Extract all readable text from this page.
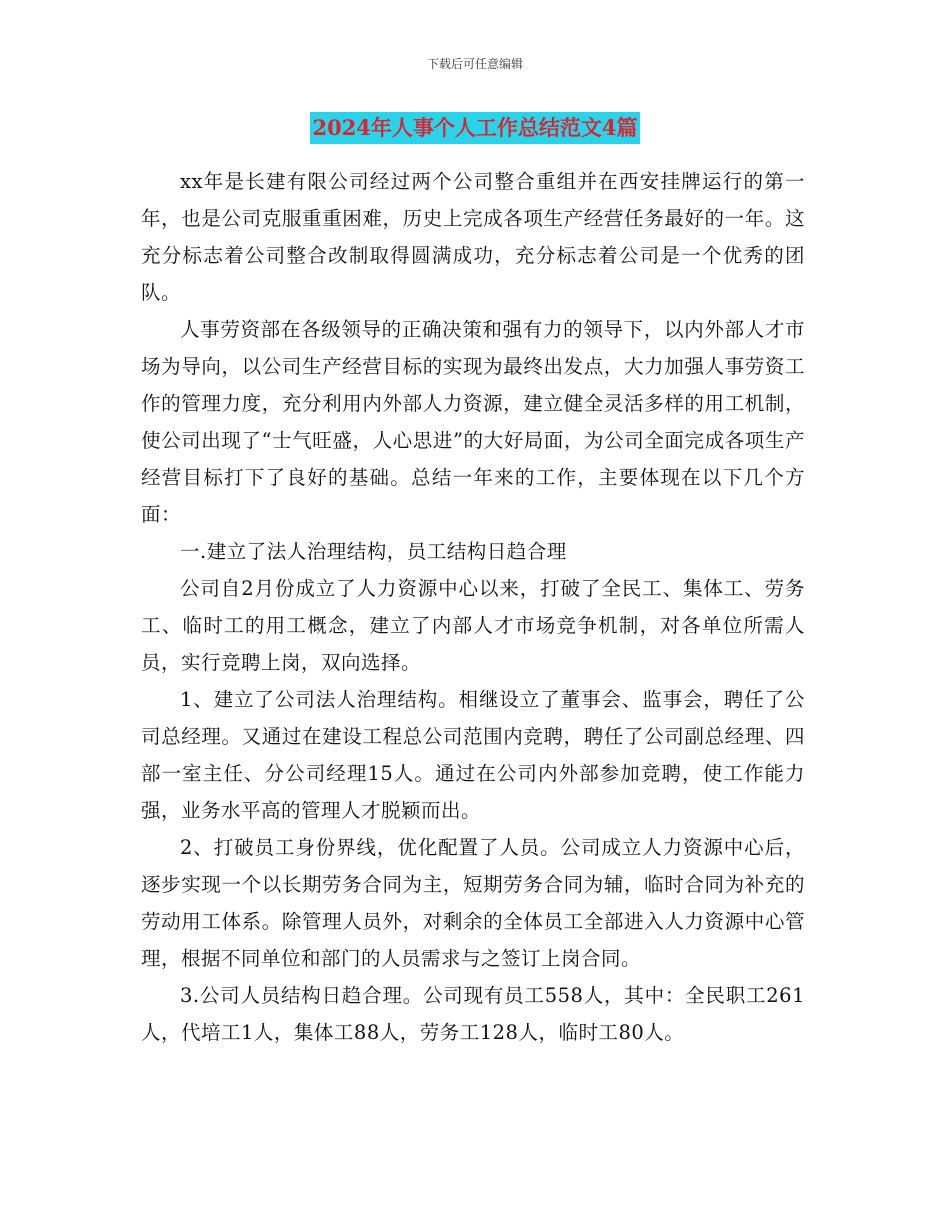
下载后可任意编辑
2024年人事个人工作总结范文4篇

xx年是长建有限公司经过两个公司整合重组并在西安挂牌运行的第一年，也是公司克服重重困难，历史上完成各项生产经营任务最好的一年。这充分标志着公司整合改制取得圆满成功，充分标志着公司是一个优秀的团队。

人事劳资部在各级领导的正确决策和强有力的领导下，以内外部人才市场为导向，以公司生产经营目标的实现为最终出发点，大力加强人事劳资工作的管理力度，充分利用内外部人力资源，建立健全灵活多样的用工机制，使公司出现了“士气旺盛，人心思进”的大好局面，为公司全面完成各项生产经营目标打下了良好的基础。总结一年来的工作，主要体现在以下几个方面：

一.建立了法人治理结构，员工结构日趋合理

公司自2月份成立了人力资源中心以来，打破了全民工、集体工、劳务工、临时工的用工概念，建立了内部人才市场竞争机制，对各单位所需人员，实行竞聘上岗，双向选择。

1、建立了公司法人治理结构。相继设立了董事会、监事会，聘任了公司总经理。又通过在建设工程总公司范围内竞聘，聘任了公司副总经理、四部一室主任、分公司经理15人。通过在公司内外部参加竞聘，使工作能力强，业务水平高的管理人才脱颖而出。

2、打破员工身份界线，优化配置了人员。公司成立人力资源中心后，逐步实现一个以长期劳务合同为主，短期劳务合同为辅，临时合同为补充的劳动用工体系。除管理人员外，对剩余的全体员工全部进入人力资源中心管理，根据不同单位和部门的人员需求与之签订上岗合同。

3.公司人员结构日趋合理。公司现有员工558人，其中：全民职工261人，代培工1人，集体工88人，劳务工128人，临时工80人。
